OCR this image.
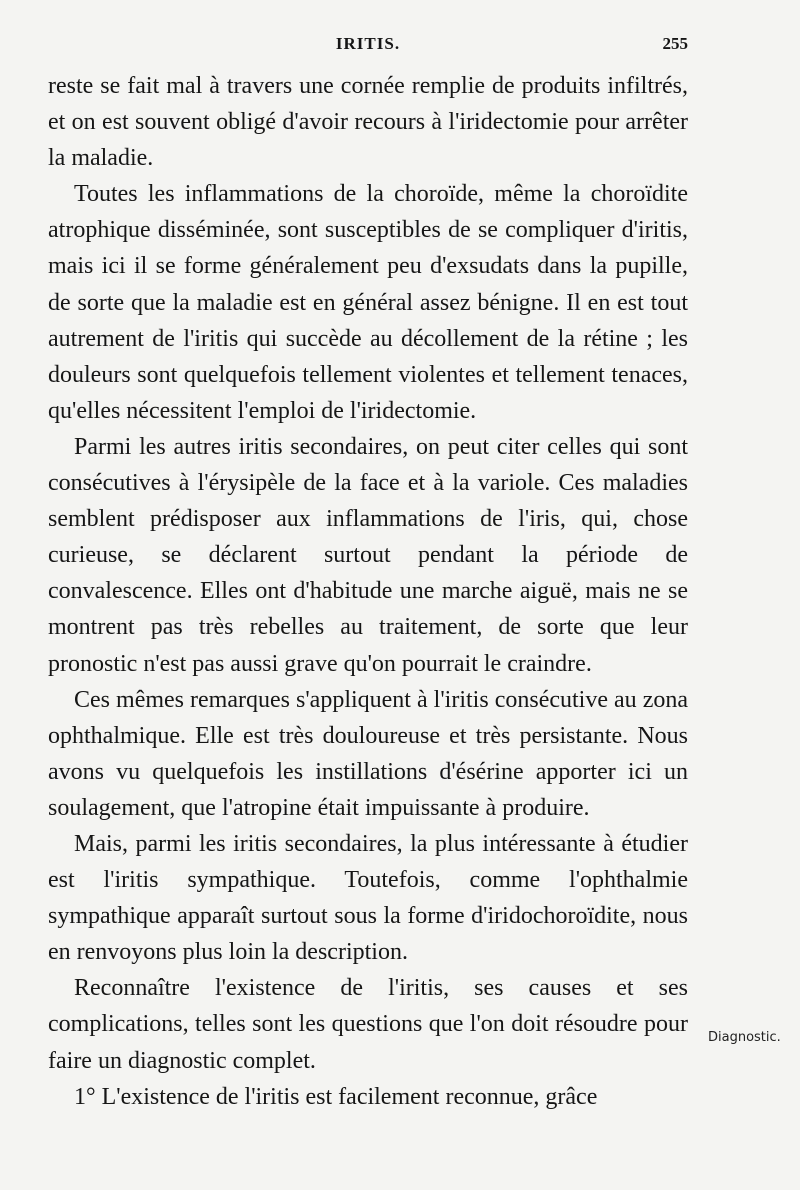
IRITIS.	255

reste se fait mal à travers une cornée remplie de produits infiltrés, et on est souvent obligé d'avoir recours à l'iridectomie pour arrêter la maladie.

Toutes les inflammations de la choroïde, même la choroïdite atrophique disséminée, sont susceptibles de se compliquer d'iritis, mais ici il se forme généralement peu d'exsudats dans la pupille, de sorte que la maladie est en général assez bénigne. Il en est tout autrement de l'iritis qui succède au décollement de la rétine ; les douleurs sont quelquefois tellement violentes et tellement tenaces, qu'elles nécessitent l'emploi de l'iridectomie.

Parmi les autres iritis secondaires, on peut citer celles qui sont consécutives à l'érysipèle de la face et à la variole. Ces maladies semblent prédisposer aux inflammations de l'iris, qui, chose curieuse, se déclarent surtout pendant la période de convalescence. Elles ont d'habitude une marche aiguë, mais ne se montrent pas très rebelles au traitement, de sorte que leur pronostic n'est pas aussi grave qu'on pourrait le craindre.

Ces mêmes remarques s'appliquent à l'iritis consécutive au zona ophthalmique. Elle est très douloureuse et très persistante. Nous avons vu quelquefois les instillations d'ésérine apporter ici un soulagement, que l'atropine était impuissante à produire.

Mais, parmi les iritis secondaires, la plus intéressante à étudier est l'iritis sympathique. Toutefois, comme l'ophthalmie sympathique apparaît surtout sous la forme d'iridochoroïdite, nous en renvoyons plus loin la description.

Reconnaître l'existence de l'iritis, ses causes et ses complications, telles sont les questions que l'on doit résoudre pour faire un diagnostic complet.

1° L'existence de l'iritis est facilement reconnue, grâce

Diagnostic.
